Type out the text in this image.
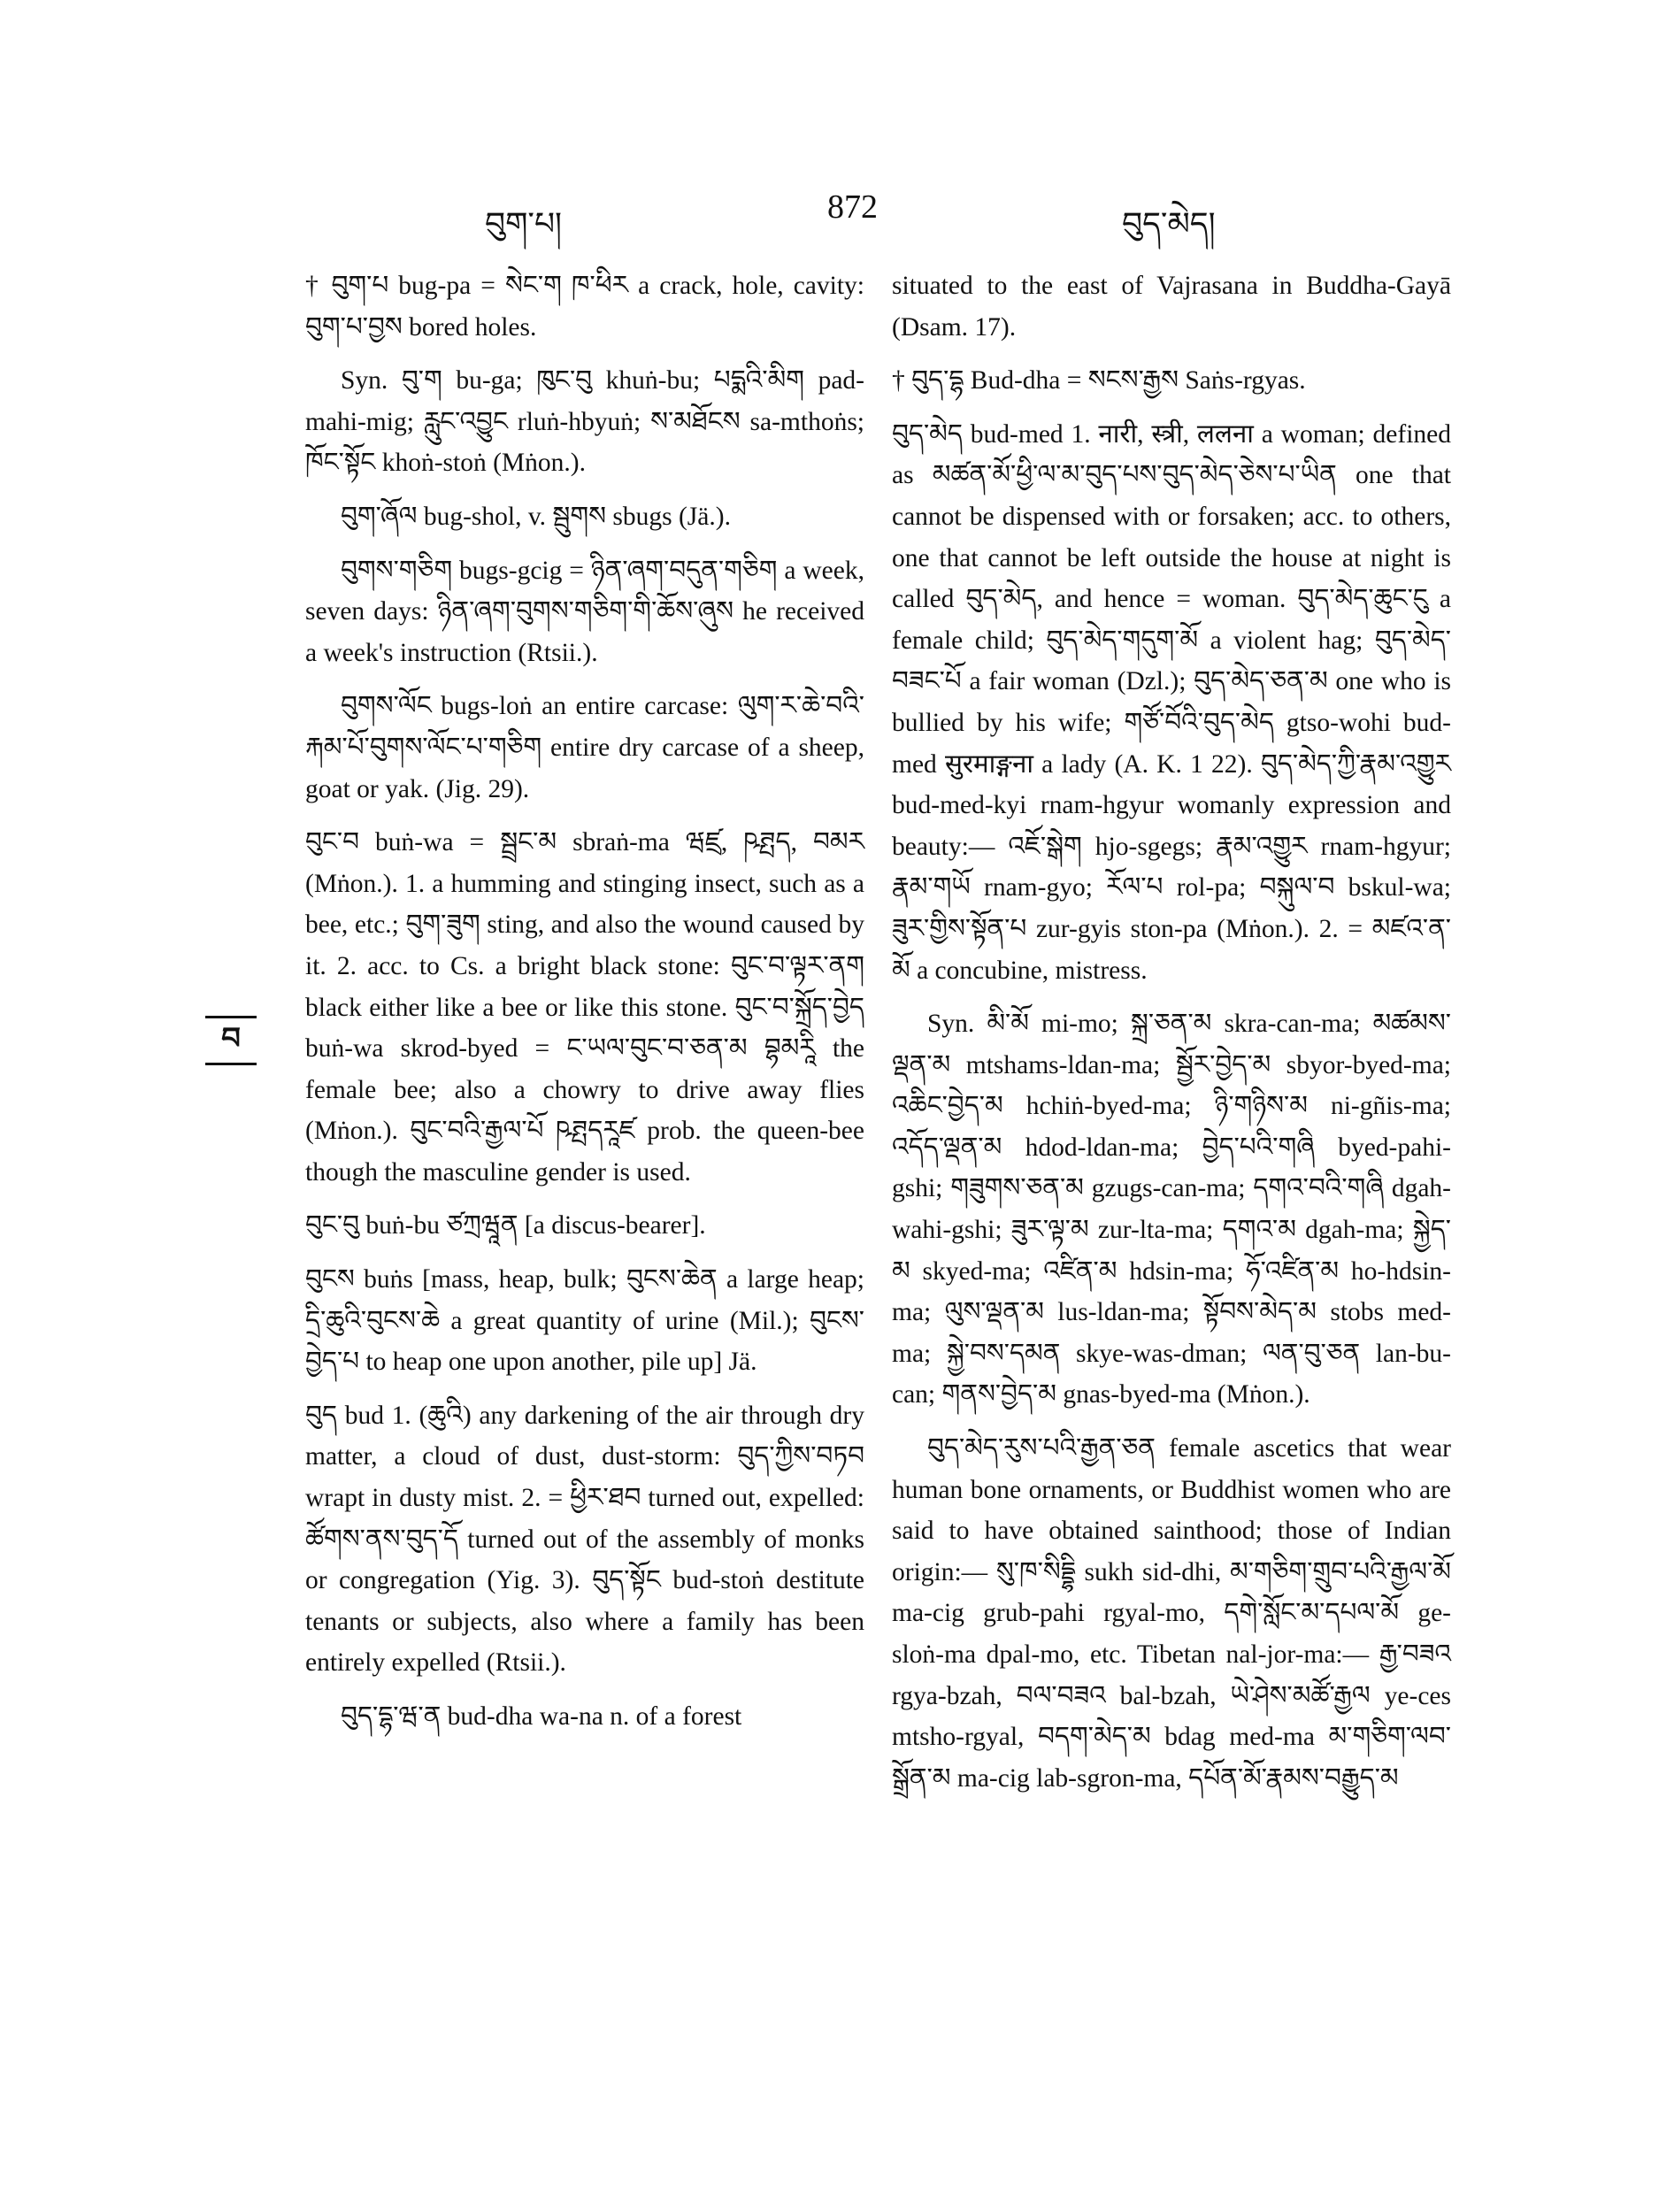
བུག་པ།	872	བུད་མེད།
བ

† བུག་པ bug-pa = སེང་ག ཁ་ཕིར a crack, hole, cavity: བུག་པ་བྱས bored holes.

Syn. བུ་ག bu-ga; ཁུང་བུ khuṅ-bu; པདྨའི་མིག pad-mahi-mig; རླུང་འབྱུང rluṅ-hbyuṅ; ས་མཐོངས sa-mthoṅs; ཁོང་སྟོང khoṅ-stoṅ (Mṅon.).

བུག་ཞོལ bug-shol, v. སྦུགས sbugs (Jä.).

བུགས་གཅིག bugs-gcig = ཉིན་ཞག་བདུན་གཅིག a week, seven days: ཉིན་ཞག་བུགས་གཅིག་གི་ཆོས་ཞུས he received a week's instruction (Rtsii.).

བུགས་ལོང bugs-loṅ an entire carcase: ལུག་ར་ཆེ་བའི་རྐམ་པོ་བུགས་ལོང་པ་གཅིག entire dry carcase of a sheep, goat or yak. (Jig. 29).

བུང་བ buṅ-wa = སྦྲང་མ sbraṅ-ma ཝཛྲ, ཥཊྤད, བམར (Mṅon.). 1. a humming and stinging insect, such as a bee, etc.; བུག་ཟུག sting, and also the wound caused by it. 2. acc. to Cs. a bright black stone: བུང་བ་ལྟར་ནག black either like a bee or like this stone. བུང་བ་སྐྲོད་བྱེད buṅ-wa skrod-byed = ང་ཡལ་བུང་བ་ཅན་མ བྷམརཱི the female bee; also a chowry to drive away flies (Mṅon.). བུང་བའི་རྒྱལ་པོ ཥཊྤདརཱཛ prob. the queen-bee though the masculine gender is used.

བུང་བུ buṅ-bu ཙཀྲཝཱན [a discus-bearer].

བུངས buṅs [mass, heap, bulk; བུངས་ཆེན a large heap; དྲི་ཆུའི་བུངས་ཆེ a great quantity of urine (Mil.); བུངས་བྱེད་པ to heap one upon another, pile up] Jä.

བུད bud 1. (ཆུའི) any darkening of the air through dry matter, a cloud of dust, dust-storm: བུད་ཀྱིས་བཏབ wrapt in dusty mist. 2. = ཕྱིར་ཐབ turned out, expelled: ཚོགས་ནས་བུད་དོ turned out of the assembly of monks or congregation (Yig. 3). བུད་སྟོང bud-stoṅ destitute tenants or subjects, also where a family has been entirely expelled (Rtsii.).

བུད་དྷ་ཝ་ན bud-dha wa-na n. of a forest

situated to the east of Vajrasana in Buddha-Gayā (Dsam. 17).

† བུད་དྷ Bud-dha = སངས་རྒྱས Saṅs-rgyas.

བུད་མེད bud-med 1. नारी, स्त्री, ललना a woman; defined as མཚན་མོ་ཕྱི་ལ་མ་བུད་པས་བུད་མེད་ཅེས་པ་ཡིན one that cannot be dispensed with or forsaken; acc. to others, one that cannot be left outside the house at night is called བུད་མེད, and hence = woman. བུད་མེད་ཆུང་ངུ a female child; བུད་མེད་གདུག་མོ a violent hag; བུད་མེད་བཟང་པོ a fair woman (Dzl.); བུད་མེད་ཅན་མ one who is bullied by his wife; གཙོ་བོའི་བུད་མེད gtso-wohi bud-med सुरमाङ्गना a lady (A. K. 1 22). བུད་མེད་ཀྱི་རྣམ་འགྱུར bud-med-kyi rnam-hgyur womanly expression and beauty:— འཇོ་སྒེག hjo-sgegs; རྣམ་འགྱུར rnam-hgyur; རྣམ་གཡོ rnam-gyo; རོལ་པ rol-pa; བསྐུལ་བ bskul-wa; ཟུར་གྱིས་སྟོན་པ zur-gyis ston-pa (Mṅon.). 2. = མཛའ་ན་མོ a concubine, mistress.

Syn. མི་མོ mi-mo; སྐྲ་ཅན་མ skra-can-ma; མཚམས་ལྡན་མ mtshams-ldan-ma; སྦྱོར་བྱེད་མ sbyor-byed-ma; འཆིང་བྱེད་མ hchiṅ-byed-ma; ཉི་གཉིས་མ ni-gñis-ma; འདོད་ལྡན་མ hdod-ldan-ma; བྱེད་པའི་གཞི byed-pahi-gshi; གཟུགས་ཅན་མ gzugs-can-ma; དགའ་བའི་གཞི dgah-wahi-gshi; ཟུར་ལྟ་མ zur-lta-ma; དགའ་མ dgah-ma; སྐྱེད་མ skyed-ma; འཛིན་མ hdsin-ma; ཧོ་འཛིན་མ ho-hdsin-ma; ལུས་ལྡན་མ lus-ldan-ma; སྟོབས་མེད་མ stobs med-ma; སྐྱེ་བས་དམན skye-was-dman; ལན་བུ་ཅན lan-bu-can; གནས་བྱེད་མ gnas-byed-ma (Mṅon.).

བུད་མེད་རུས་པའི་རྒྱན་ཅན female ascetics that wear human bone ornaments, or Buddhist women who are said to have obtained sainthood; those of Indian origin:— སུ་ཁ་སིདྡྷི sukh sid-dhi, མ་གཅིག་གྲུབ་པའི་རྒྱལ་མོ ma-cig grub-pahi rgyal-mo, དགེ་སློང་མ་དཔལ་མོ ge-sloṅ-ma dpal-mo, etc. Tibetan nal-jor-ma:— རྒྱ་བཟའ rgya-bzah, བལ་བཟའ bal-bzah, ཡེ་ཤེས་མཚོ་རྒྱལ ye-ces mtsho-rgyal, བདག་མེད་མ bdag med-ma མ་གཅིག་ལབ་སྒྲོན་མ ma-cig lab-sgron-ma, དཔོན་མོ་རྣམས་བརྒྱུད་མ
